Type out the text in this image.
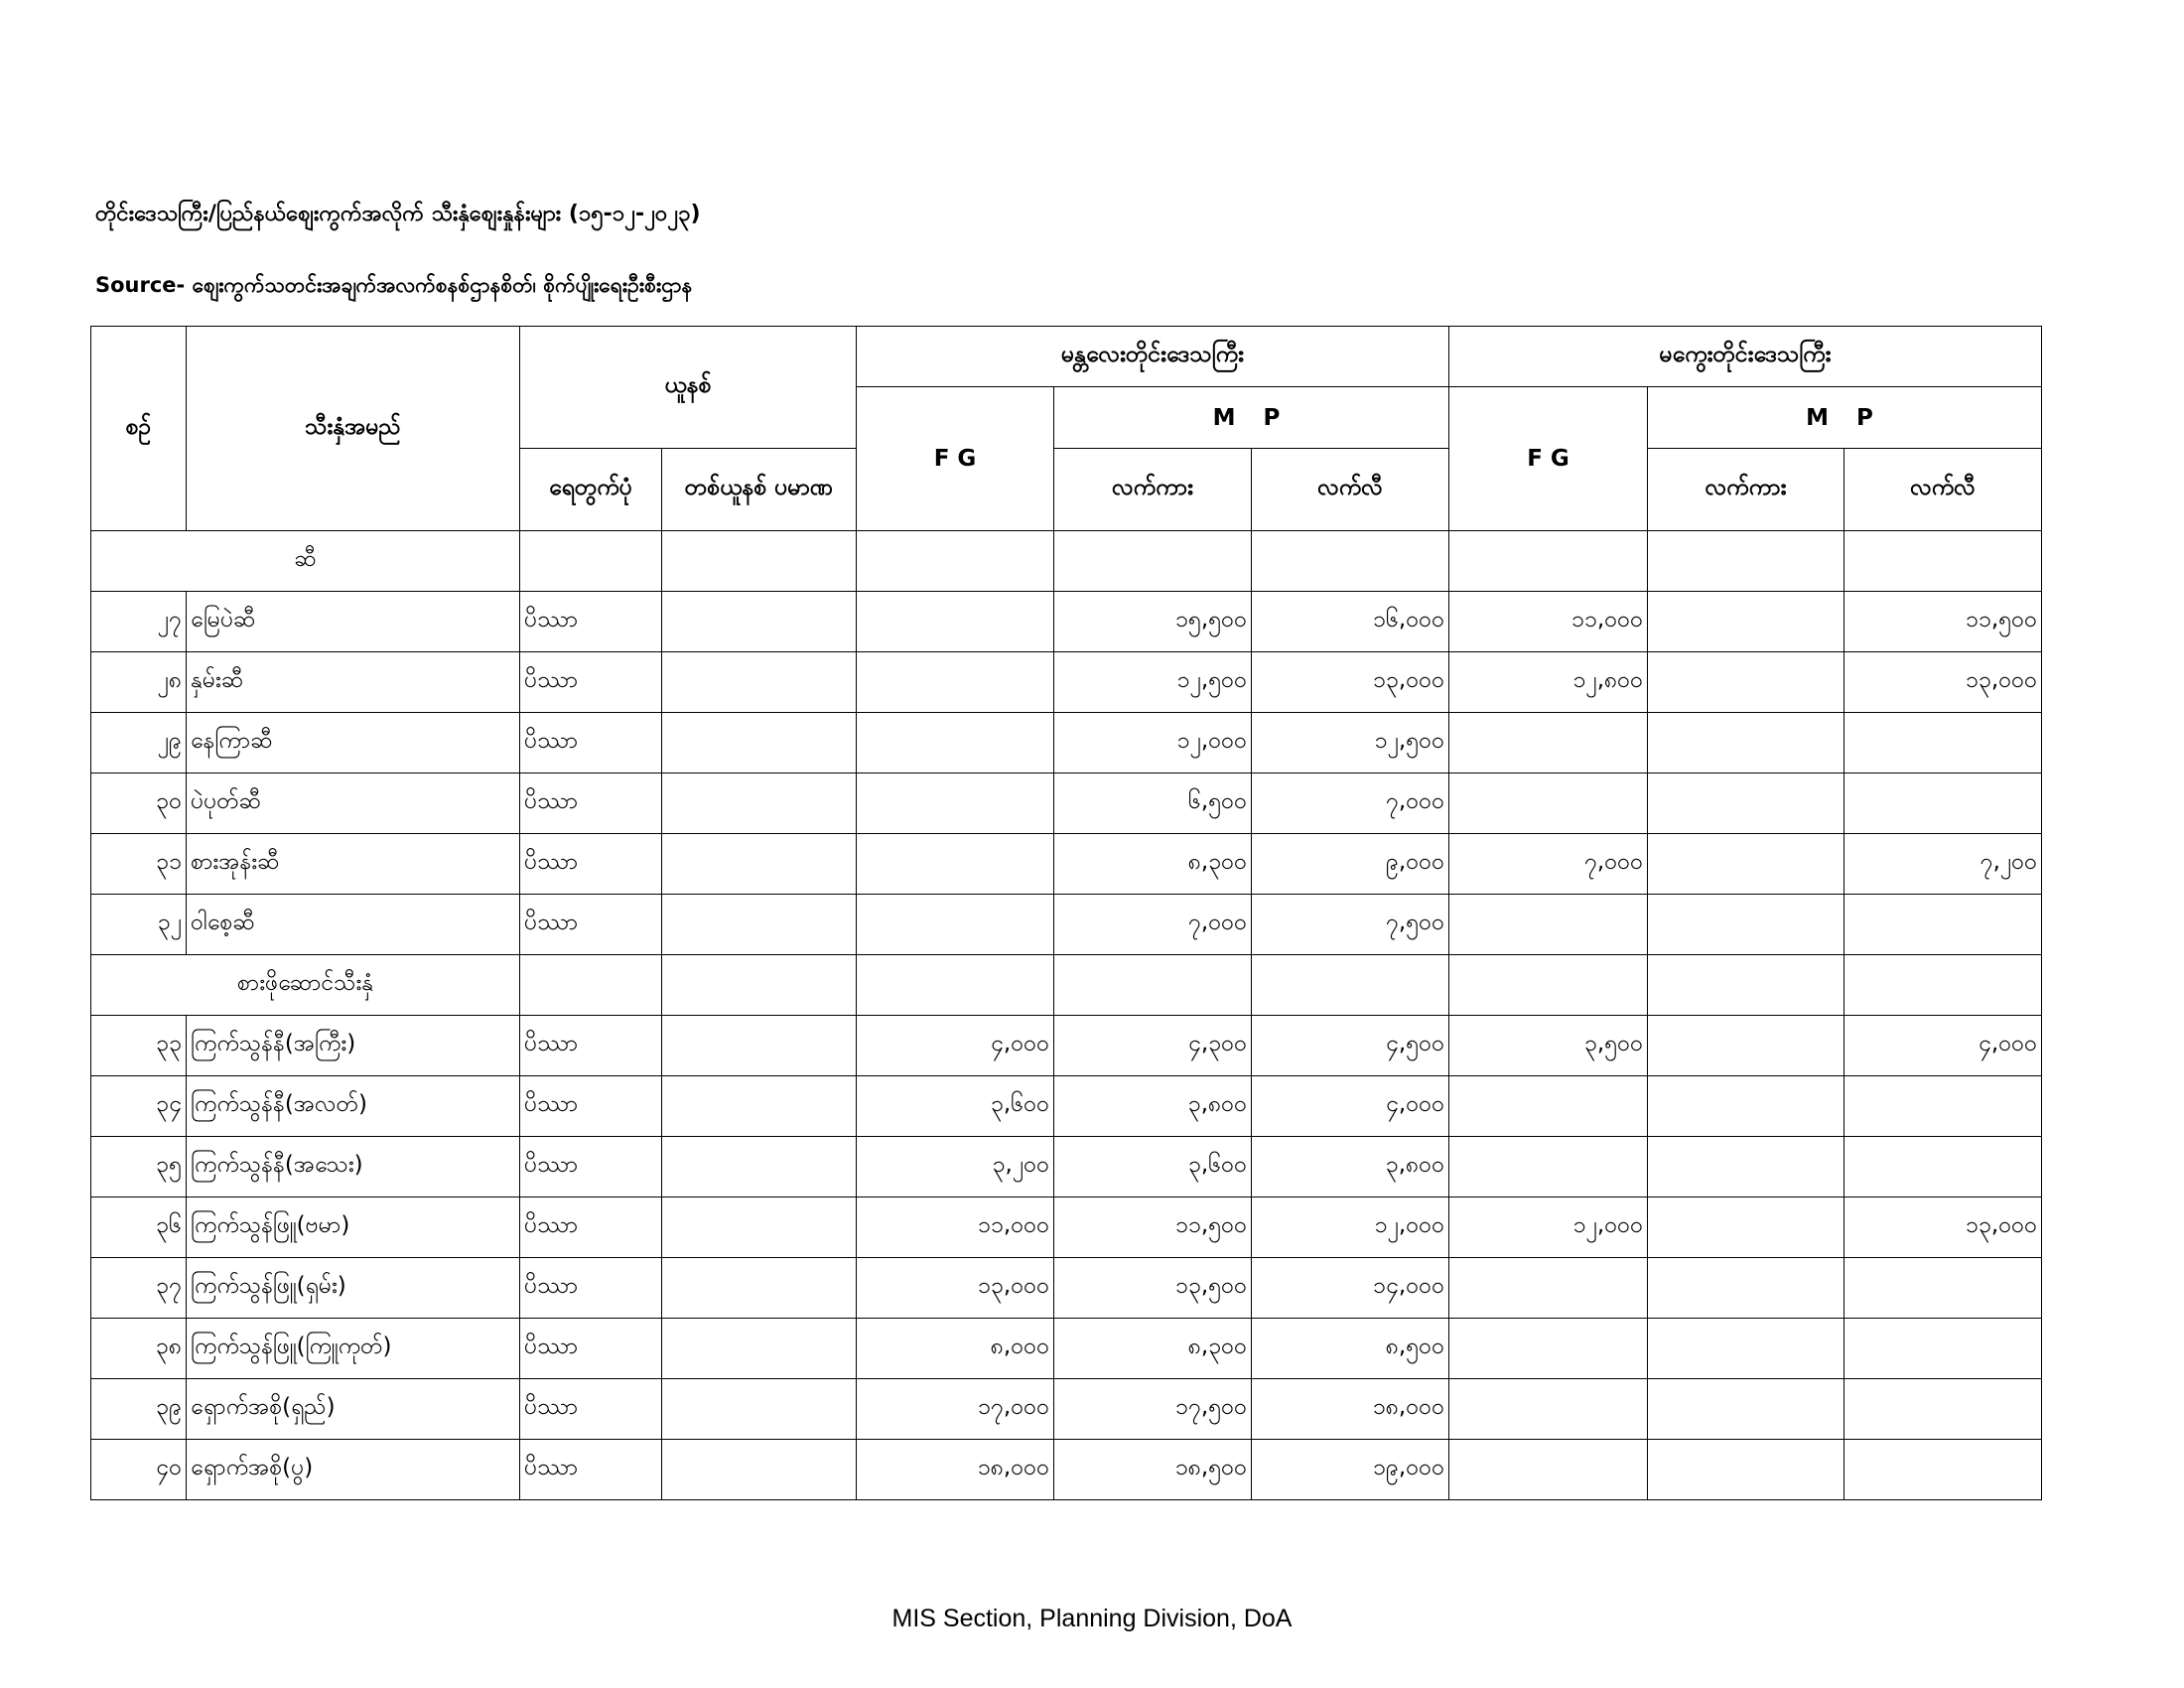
တိုင်းဒေသကြီး/ပြည်နယ်စျေးကွက်အလိုက် သီးနှံစျေးနှုန်းများ (၁၅-၁၂-၂၀၂၃)
Source- စျေးကွက်သတင်းအချက်အလက်စနစ်ဌာနစိတ်၊ စိုက်ပျိုးရေးဦးစီးဌာန
စဉ်	သီးနှံအမည်	ယူနစ်		မန္တလေးတိုင်းဒေသကြီး			မကွေးတိုင်းဒေသကြီး		
				F G	M P		F G	M P	
		ရေတွက်ပုံ	တစ်ယူနစ် ပမာဏ		လက်ကား	လက်လီ		လက်ကား	လက်လီ
ဆီ									
၂၇	မြေပဲဆီ	ပိဿာ			၁၅,၅၀၀	၁၆,၀၀၀	၁၁,၀၀၀		၁၁,၅၀၀
၂၈	နှမ်းဆီ	ပိဿာ			၁၂,၅၀၀	၁၃,၀၀၀	၁၂,၈၀၀		၁၃,၀၀၀
၂၉	နေကြာဆီ	ပိဿာ			၁၂,၀၀၀	၁၂,၅၀၀			
၃၀	ပဲပုတ်ဆီ	ပိဿာ			၆,၅၀၀	၇,၀၀၀			
၃၁	စားအုန်းဆီ	ပိဿာ			၈,၃၀၀	၉,၀၀၀	၇,၀၀၀		၇,၂၀၀
၃၂	ဝါစေ့ဆီ	ပိဿာ			၇,၀၀၀	၇,၅၀၀			
စားဖိုဆောင်သီးနှံ									
၃၃	ကြက်သွန်နီ(အကြီး)	ပိဿာ		၄,၀၀၀	၄,၃၀၀	၄,၅၀၀	၃,၅၀၀		၄,၀၀၀
၃၄	ကြက်သွန်နီ(အလတ်)	ပိဿာ		၃,၆၀၀	၃,၈၀၀	၄,၀၀၀			
၃၅	ကြက်သွန်နီ(အသေး)	ပိဿာ		၃,၂၀၀	၃,၆၀၀	၃,၈၀၀			
၃၆	ကြက်သွန်ဖြူ(ဗမာ)	ပိဿာ		၁၁,၀၀၀	၁၁,၅၀၀	၁၂,၀၀၀	၁၂,၀၀၀		၁၃,၀၀၀
၃၇	ကြက်သွန်ဖြူ(ရှမ်း)	ပိဿာ		၁၃,၀၀၀	၁၃,၅၀၀	၁၄,၀၀၀			
၃၈	ကြက်သွန်ဖြူ(ကြူကုတ်)	ပိဿာ		၈,၀၀၀	၈,၃၀၀	၈,၅၀၀			
၃၉	ရှောက်အစို(ရှည်)	ပိဿာ		၁၇,၀၀၀	၁၇,၅၀၀	၁၈,၀၀၀			
၄၀	ရှောက်အစို(ပွ)	ပိဿာ		၁၈,၀၀၀	၁၈,၅၀၀	၁၉,၀၀၀			
MIS Section, Planning Division, DoA
